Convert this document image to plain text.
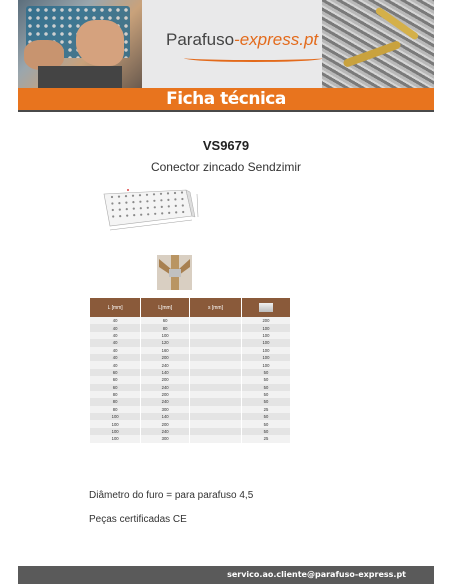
Parafuso-express.pt
Ficha técnica
VS9679
Conector zincado Sendzimir
L [mm]	L[mm]	s [mm]	
40	60		200
40	80		100
40	100		100
40	120		100
40	160		100
40	200		100
40	240		100
60	140		50
60	200		50
60	240		50
80	200		50
80	240		50
80	300		25
100	140		50
100	200		50
100	240		50
100	300		25
Diâmetro do furo = para parafuso 4,5
Peças certificadas CE
servico.ao.cliente@parafuso-express.pt
